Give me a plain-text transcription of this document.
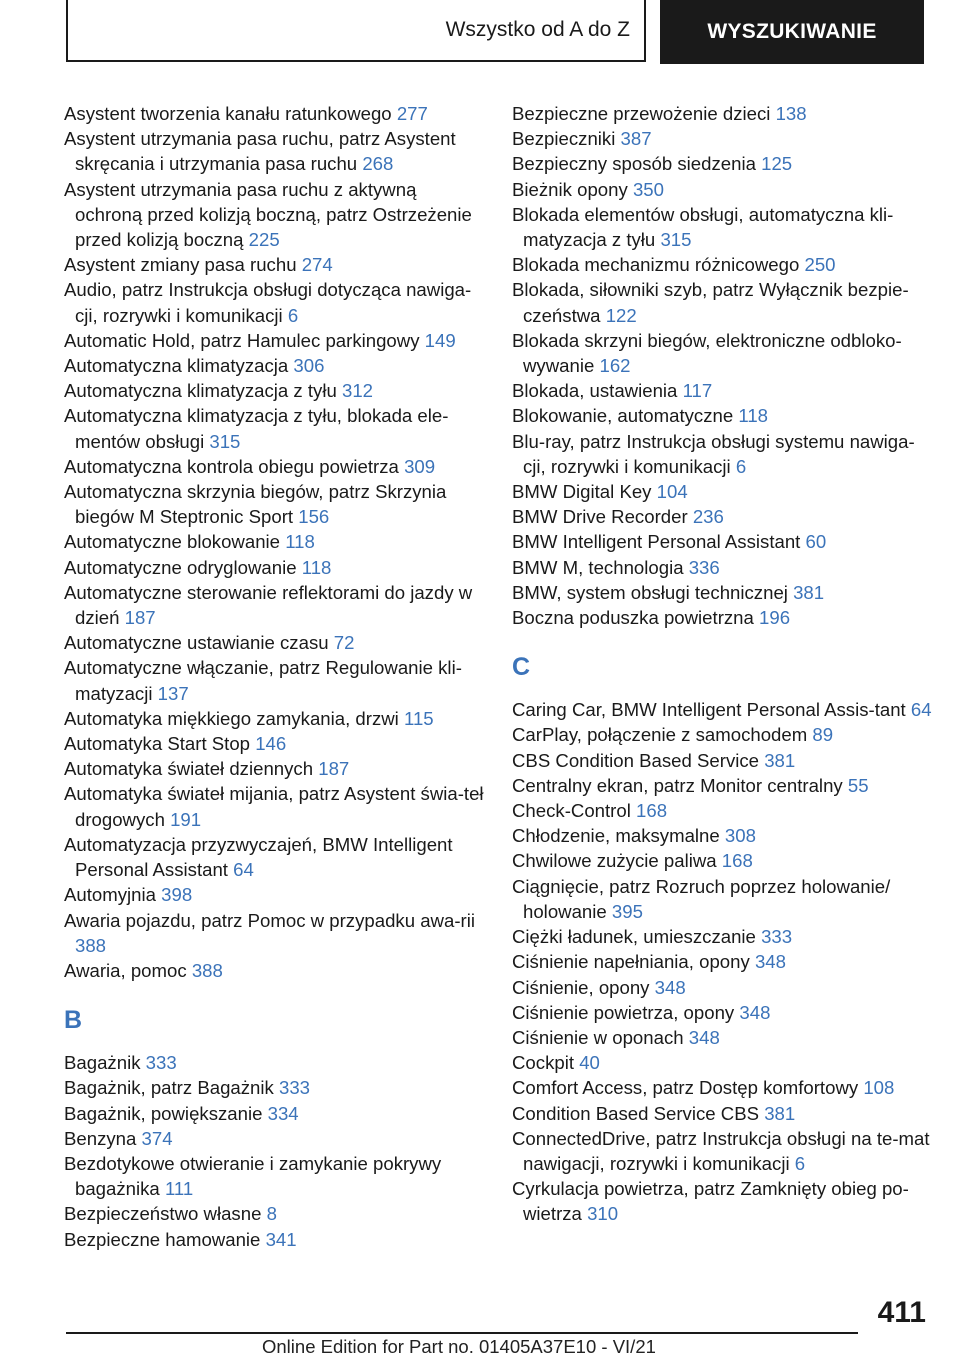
Wszystko od A do Z	WYSZUKIWANIE
Asystent tworzenia kanału ratunkowego 277
Asystent utrzymania pasa ruchu, patrz Asystent skręcania i utrzymania pasa ruchu 268
Asystent utrzymania pasa ruchu z aktywną ochroną przed kolizją boczną, patrz Ostrzeżenie przed kolizją boczną 225
Asystent zmiany pasa ruchu 274
Audio, patrz Instrukcja obsługi dotycząca nawiga-cji, rozrywki i komunikacji 6
Automatic Hold, patrz Hamulec parkingowy 149
Automatyczna klimatyzacja 306
Automatyczna klimatyzacja z tyłu 312
Automatyczna klimatyzacja z tyłu, blokada ele-mentów obsługi 315
Automatyczna kontrola obiegu powietrza 309
Automatyczna skrzynia biegów, patrz Skrzynia biegów M Steptronic Sport 156
Automatyczne blokowanie 118
Automatyczne odryglowanie 118
Automatyczne sterowanie reflektorami do jazdy w dzień 187
Automatyczne ustawianie czasu 72
Automatyczne włączanie, patrz Regulowanie kli-matyzacji 137
Automatyka miękkiego zamykania, drzwi 115
Automatyka Start Stop 146
Automatyka świateł dziennych 187
Automatyka świateł mijania, patrz Asystent świa-teł drogowych 191
Automatyzacja przyzwyczajeń, BMW Intelligent Personal Assistant 64
Automyjnia 398
Awaria pojazdu, patrz Pomoc w przypadku awa-rii 388
Awaria, pomoc 388
B
Bagażnik 333
Bagażnik, patrz Bagażnik 333
Bagażnik, powiększanie 334
Benzyna 374
Bezdotykowe otwieranie i zamykanie pokrywy bagażnika 111
Bezpieczeństwo własne 8
Bezpieczne hamowanie 341
Bezpieczne przewożenie dzieci 138
Bezpieczniki 387
Bezpieczny sposób siedzenia 125
Bieżnik opony 350
Blokada elementów obsługi, automatyczna kli-matyzacja z tyłu 315
Blokada mechanizmu różnicowego 250
Blokada, siłowniki szyb, patrz Wyłącznik bezpie-czeństwa 122
Blokada skrzyni biegów, elektroniczne odbloko-wywanie 162
Blokada, ustawienia 117
Blokowanie, automatyczne 118
Blu-ray, patrz Instrukcja obsługi systemu nawiga-cji, rozrywki i komunikacji 6
BMW Digital Key 104
BMW Drive Recorder 236
BMW Intelligent Personal Assistant 60
BMW M, technologia 336
BMW, system obsługi technicznej 381
Boczna poduszka powietrzna 196
C
Caring Car, BMW Intelligent Personal Assis-tant 64
CarPlay, połączenie z samochodem 89
CBS Condition Based Service 381
Centralny ekran, patrz Monitor centralny 55
Check-Control 168
Chłodzenie, maksymalne 308
Chwilowe zużycie paliwa 168
Ciągnięcie, patrz Rozruch poprzez holowanie/ holowanie 395
Ciężki ładunek, umieszczanie 333
Ciśnienie napełniania, opony 348
Ciśnienie, opony 348
Ciśnienie powietrza, opony 348
Ciśnienie w oponach 348
Cockpit 40
Comfort Access, patrz Dostęp komfortowy 108
Condition Based Service CBS 381
ConnectedDrive, patrz Instrukcja obsługi na te-mat nawigacji, rozrywki i komunikacji 6
Cyrkulacja powietrza, patrz Zamknięty obieg po-wietrza 310
411
Online Edition for Part no. 01405A37E10 - VI/21
